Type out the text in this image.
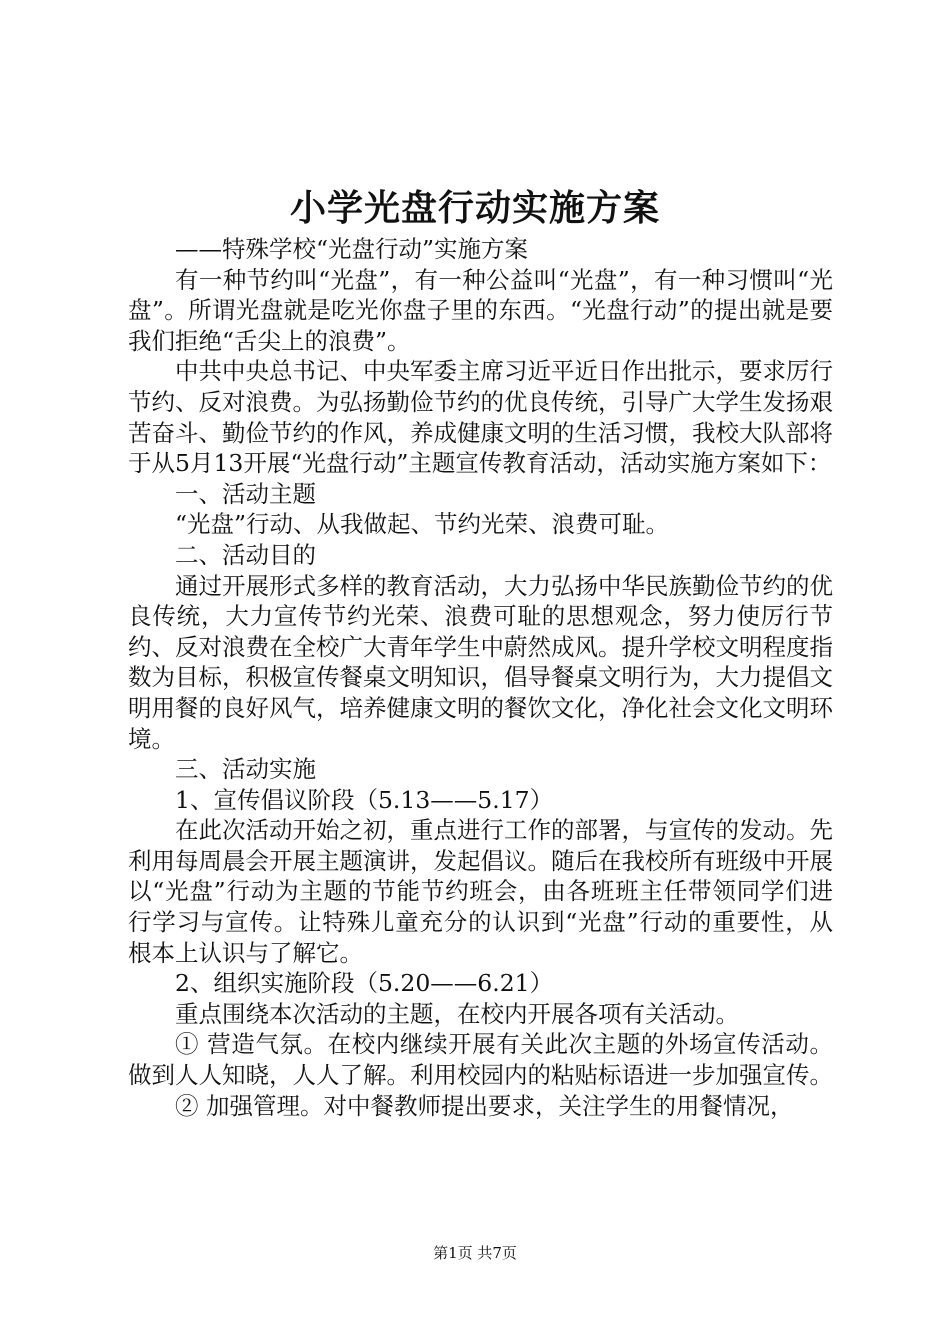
小学光盘行动实施方案

——特殊学校“光盘行动”实施方案

有一种节约叫“光盘”，有一种公益叫“光盘”，有一种习惯叫“光盘”。所谓光盘就是吃光你盘子里的东西。“光盘行动”的提出就是要我们拒绝“舌尖上的浪费”。

中共中央总书记、中央军委主席习近平近日作出批示，要求厉行节约、反对浪费。为弘扬勤俭节约的优良传统，引导广大学生发扬艰苦奋斗、勤俭节约的作风，养成健康文明的生活习惯，我校大队部将于从5月13开展“光盘行动”主题宣传教育活动，活动实施方案如下：

一、活动主题

“光盘”行动、从我做起、节约光荣、浪费可耻。

二、活动目的

通过开展形式多样的教育活动，大力弘扬中华民族勤俭节约的优良传统，大力宣传节约光荣、浪费可耻的思想观念，努力使厉行节约、反对浪费在全校广大青年学生中蔚然成风。提升学校文明程度指数为目标，积极宣传餐桌文明知识，倡导餐桌文明行为，大力提倡文明用餐的良好风气，培养健康文明的餐饮文化，净化社会文化文明环境。

三、活动实施

1、宣传倡议阶段（5.13——5.17）

在此次活动开始之初，重点进行工作的部署，与宣传的发动。先利用每周晨会开展主题演讲，发起倡议。随后在我校所有班级中开展以“光盘”行动为主题的节能节约班会，由各班班主任带领同学们进行学习与宣传。让特殊儿童充分的认识到“光盘”行动的重要性，从根本上认识与了解它。

2、组织实施阶段（5.20——6.21）

重点围绕本次活动的主题，在校内开展各项有关活动。

① 营造气氛。在校内继续开展有关此次主题的外场宣传活动。做到人人知晓，人人了解。利用校园内的粘贴标语进一步加强宣传。

② 加强管理。对中餐教师提出要求，关注学生的用餐情况，

第1页 共7页
